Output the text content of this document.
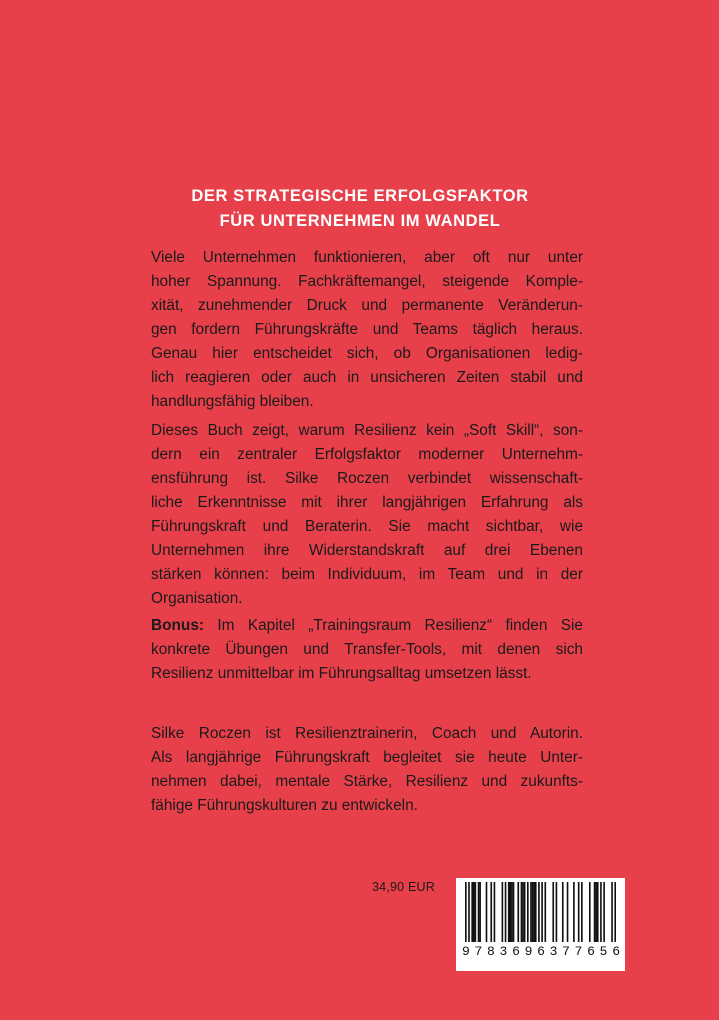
DER STRATEGISCHE ERFOLGSFAKTOR
FÜR UNTERNEHMEN IM WANDEL

Viele Unternehmen funktionieren, aber oft nur unter
hoher Spannung. Fachkräftemangel, steigende Komple-
xität, zunehmender Druck und permanente Veränderun-
gen fordern Führungskräfte und Teams täglich heraus.
Genau hier entscheidet sich, ob Organisationen ledig-
lich reagieren oder auch in unsicheren Zeiten stabil und
handlungsfähig bleiben.

Dieses Buch zeigt, warum Resilienz kein „Soft Skill“, son-
dern ein zentraler Erfolgsfaktor moderner Unternehm-
ensführung ist. Silke Roczen verbindet wissenschaft-
liche Erkenntnisse mit ihrer langjährigen Erfahrung als
Führungskraft und Beraterin. Sie macht sichtbar, wie
Unternehmen ihre Widerstandskraft auf drei Ebenen
stärken können: beim Individuum, im Team und in der
Organisation.

Bonus: Im Kapitel „Trainingsraum Resilienz“ finden Sie
konkrete Übungen und Transfer-Tools, mit denen sich
Resilienz unmittelbar im Führungsalltag umsetzen lässt.

Silke Roczen ist Resilienztrainerin, Coach und Autorin.
Als langjährige Führungskraft begleitet sie heute Unter-
nehmen dabei, mentale Stärke, Resilienz und zukunfts-
fähige Führungskulturen zu entwickeln.

34,90 EUR
9 7 8 3 6 9 6 3 7 7 6 5 6
